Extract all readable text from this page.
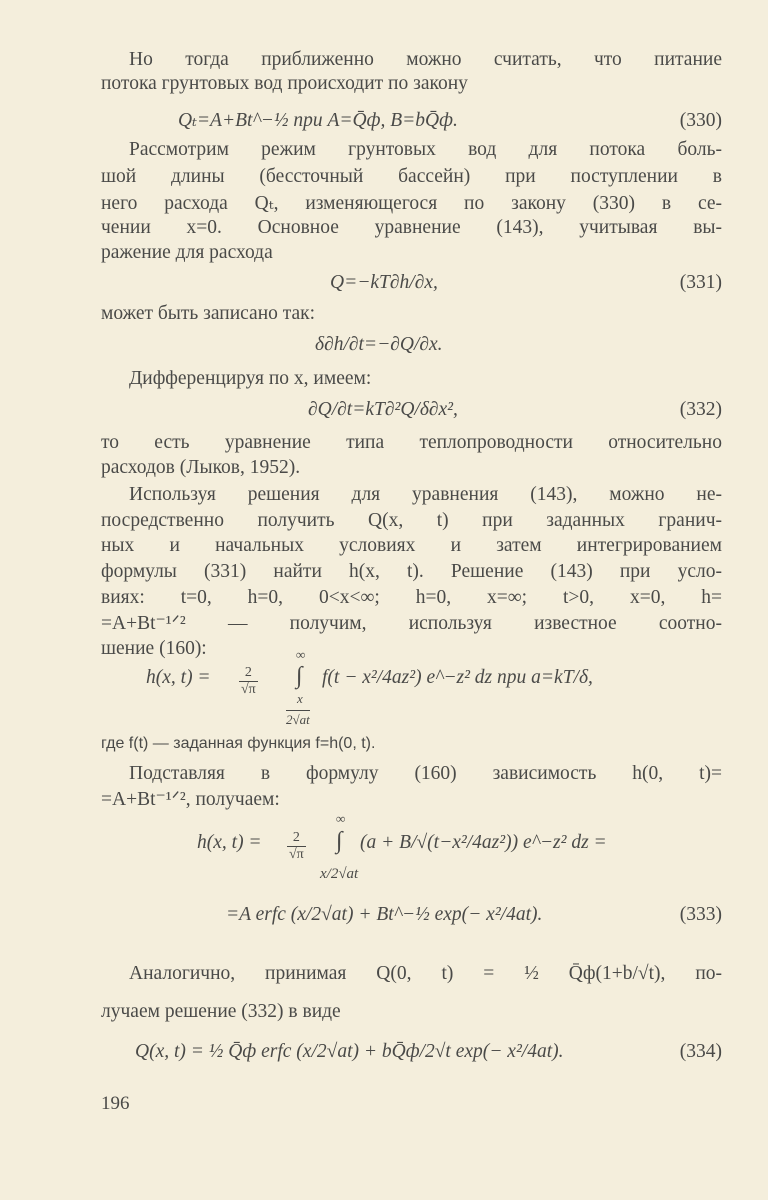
Но тогда приближенно можно считать, что питание
потока грунтовых вод происходит по закону
Qₜ=A+Bt^−½ при A=Q̄ф, B=bQ̄ф.	(330)
Рассмотрим режим грунтовых вод для потока боль-
шой длины (бессточный бассейн) при поступлении в
него расхода Qₜ, изменяющегося по закону (330) в се-
чении x=0. Основное уравнение (143), учитывая вы-
ражение для расхода
Q=−kT∂h/∂x,	(331)
может быть записано так:
δ∂h/∂t=−∂Q/∂x.
Дифференцируя по x, имеем:
∂Q/∂t=kT∂²Q/δ∂x²,	(332)
то есть уравнение типа теплопроводности относительно
расходов (Лыков, 1952).
Используя решения для уравнения (143), можно не-
посредственно получить Q(x, t) при заданных гранич-
ных и начальных условиях и затем интегрированием
формулы (331) найти h(x, t). Решение (143) при усло-
виях: t=0, h=0, 0<x<∞; h=0, x=∞; t>0, x=0, h=
=A+Bt⁻¹ᐟ² — получим, используя известное соотно-
шение (160):
h(x, $t) = \frac{2}{√\pi}$
∞
∫
x
2√at
f(t − x²/4az²) e^−z² dz при a=kT/δ,
где f(t) — заданная функция f=h(0, t).
Подставляя в формулу (160) зависимость h(0, t)=
=A+Bt⁻¹ᐟ², получаем:
h(x, $t) = \frac{2}{√\pi}$
∞
∫
x/2√at
(a + B/√(t−x²/4az²)) e^−z² dz =
=A erfc (x/2√at) + Bt^−½ exp(− x²/4at).	(333)
Аналогично, принимая Q(0, t) = ½ Q̄ф(1+b/√t), по-
лучаем решение (332) в виде
Q(x, t) = ½ Q̄ф erfc (x/2√at) + bQ̄ф/2√t exp(− x²/4at).	(334)
196
